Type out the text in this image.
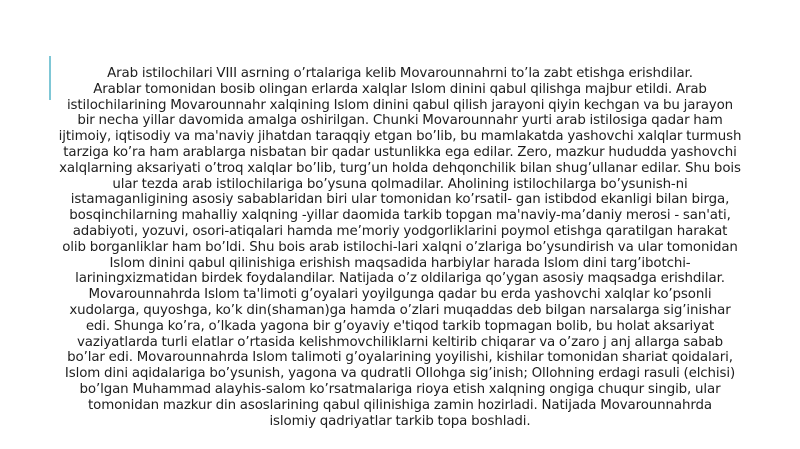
Arab istilochilari VIII asrning o’rtalariga kelib Movarounnahrni to’la zabt etishga erishdilar.
Arablar tomonidan bosib olingan erlarda xalqlar Islom dinini qabul qilishga majbur etildi. Arab
istilochilarining Movarounnahr xalqining Islom dinini qabul qilish jarayoni qiyin kechgan va bu jarayon
bir necha yillar davomida amalga oshirilgan. Chunki Movarounnahr yurti arab istilosiga qadar ham
ijtimoiy, iqtisodiy va ma'naviy jihatdan taraqqiy etgan bo’lib, bu mamlakatda yashovchi xalqlar turmush
tarziga ko’ra ham arablarga nisbatan bir qadar ustunlikka ega edilar. Zero, mazkur hududda yashovchi
xalqlarning aksariyati o’troq xalqlar bo’lib, turg’un holda dehqonchilik bilan shug’ullanar edilar. Shu bois
ular tezda arab istilochilariga bo’ysuna qolmadilar. Aholining istilochilarga bo’ysunish-ni
istamaganligining asosiy sabablaridan biri ular tomonidan ko’rsatil- gan istibdod ekanligi bilan birga,
bosqinchilarning mahalliy xalqning -yillar daomida tarkib topgan ma'naviy-ma’daniy merosi - san'ati,
adabiyoti, yozuvi, osori-atiqalari hamda me’moriy yodgorliklarini poymol etishga qaratilgan harakat
olib borganliklar ham bo’ldi. Shu bois arab istilochi-lari xalqni o’zlariga bo’ysundirish va ular tomonidan
Islom dinini qabul qilinishiga erishish maqsadida harbiylar harada Islom dini targ’ibotchi-
lariningxizmatidan birdek foydalandilar. Natijada o’z oldilariga qo’ygan asosiy maqsadga erishdilar.
Movarounnahrda Islom ta'limoti g’oyalari yoyilgunga qadar bu erda yashovchi xalqlar ko’psonli
xudolarga, quyoshga, ko’k din(shaman)ga hamda o’zlari muqaddas deb bilgan narsalarga sig’inishar
edi. Shunga ko’ra, o’lkada yagona bir g’oyaviy e'tiqod tarkib topmagan bolib, bu holat aksariyat
vaziyatlarda turli elatlar o’rtasida kelishmovchiliklarni keltirib chiqarar va o’zaro j anj allarga sabab
bo’lar edi. Movarounnahrda Islom talimoti g’oyalarining yoyilishi, kishilar tomonidan shariat qoidalari,
Islom dini aqidalariga bo’ysunish, yagona va qudratli Ollohga sig’inish; Ollohning erdagi rasuli (elchisi)
bo’lgan Muhammad alayhis-salom ko’rsatmalariga rioya etish xalqning ongiga chuqur singib, ular
tomonidan mazkur din asoslarining qabul qilinishiga zamin hozirladi. Natijada Movarounnahrda
islomiy qadriyatlar tarkib topa boshladi.
